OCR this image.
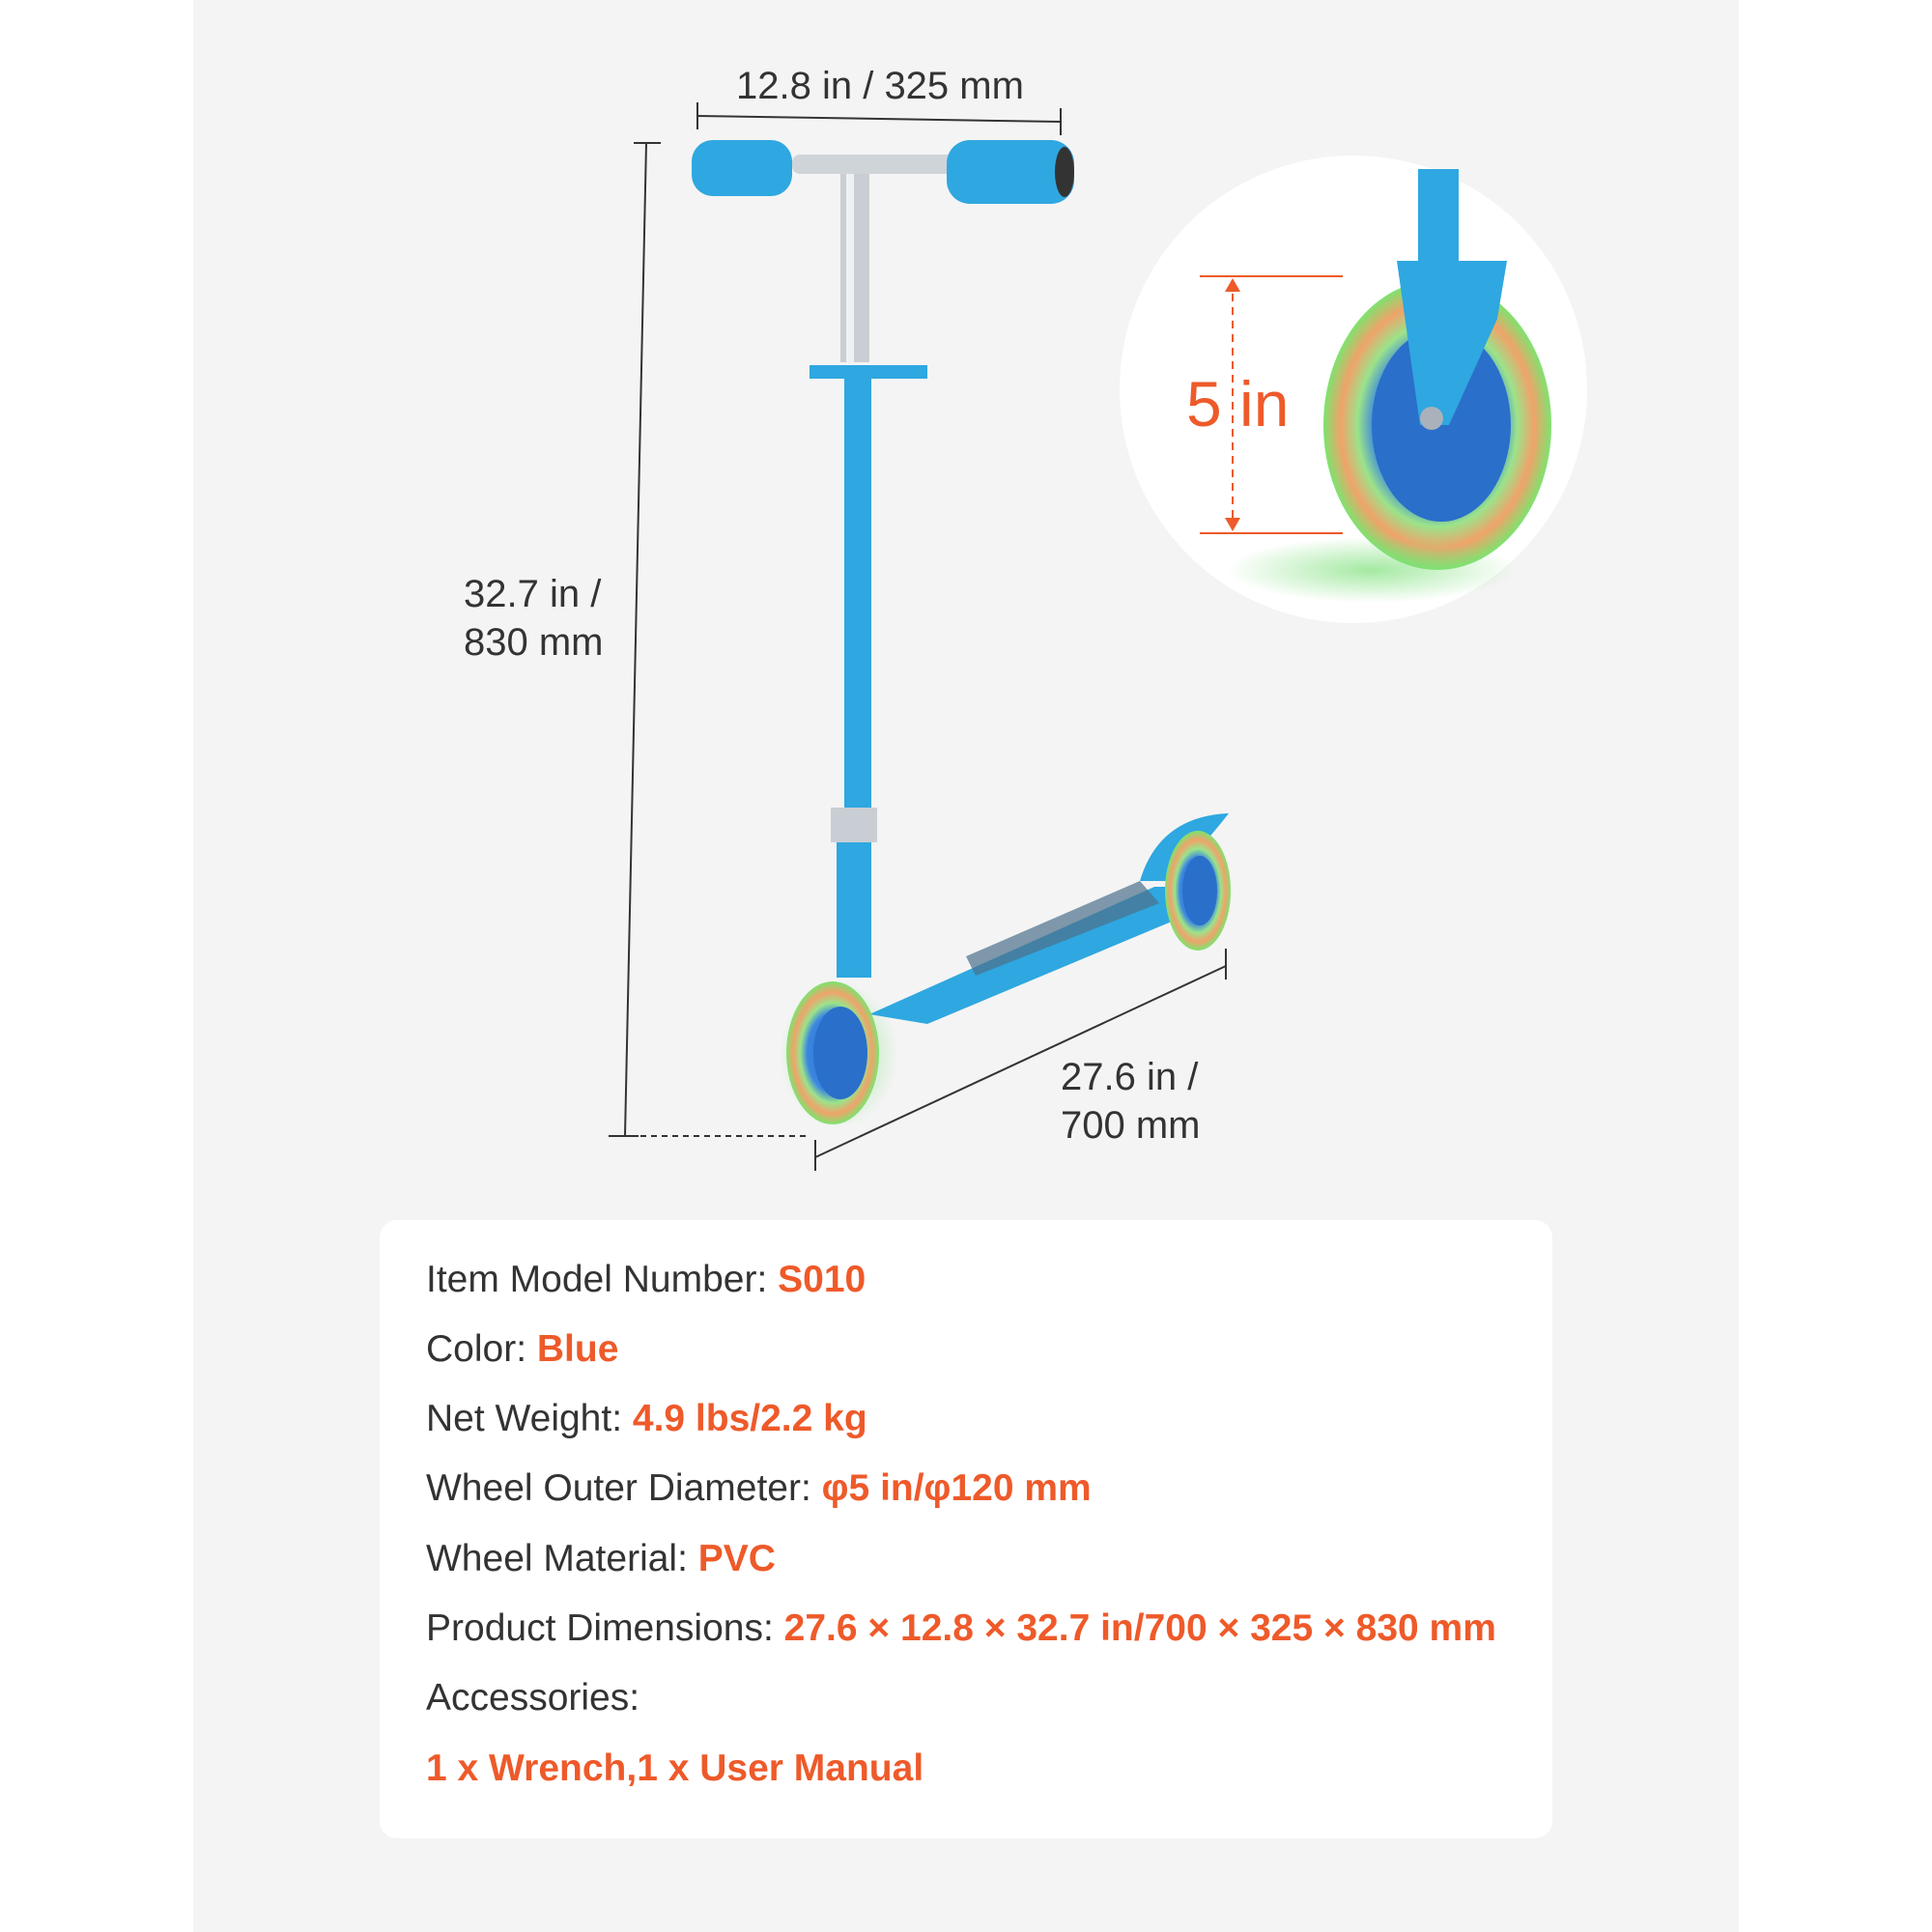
12.8 in / 325 mm
32.7 in /
830 mm
27.6 in /
700 mm
5 in
Item Model Number: S010
Color: Blue
Net Weight: 4.9 lbs/2.2 kg
Wheel Outer Diameter: φ5 in/φ120 mm
Wheel Material: PVC
Product Dimensions: 27.6 × 12.8 × 32.7 in/700 × 325 × 830 mm
Accessories:
1 x Wrench,1 x User Manual
